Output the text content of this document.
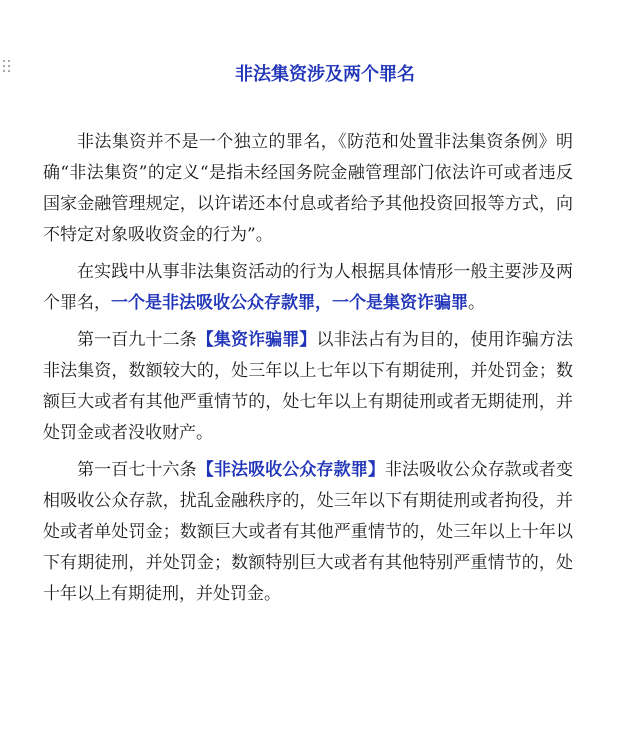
非法集资涉及两个罪名

非法集资并不是一个独立的罪名，《防范和处置非法集资条例》明确“非法集资”的定义“是指未经国务院金融管理部门依法许可或者违反国家金融管理规定，以许诺还本付息或者给予其他投资回报等方式，向不特定对象吸收资金的行为”。

在实践中从事非法集资活动的行为人根据具体情形一般主要涉及两个罪名，一个是非法吸收公众存款罪，一个是集资诈骗罪。

第一百九十二条【集资诈骗罪】以非法占有为目的，使用诈骗方法非法集资，数额较大的，处三年以上七年以下有期徒刑，并处罚金；数额巨大或者有其他严重情节的，处七年以上有期徒刑或者无期徒刑，并处罚金或者没收财产。

第一百七十六条【非法吸收公众存款罪】非法吸收公众存款或者变相吸收公众存款，扰乱金融秩序的，处三年以下有期徒刑或者拘役，并处或者单处罚金；数额巨大或者有其他严重情节的，处三年以上十年以下有期徒刑，并处罚金；数额特别巨大或者有其他特别严重情节的，处十年以上有期徒刑，并处罚金。
